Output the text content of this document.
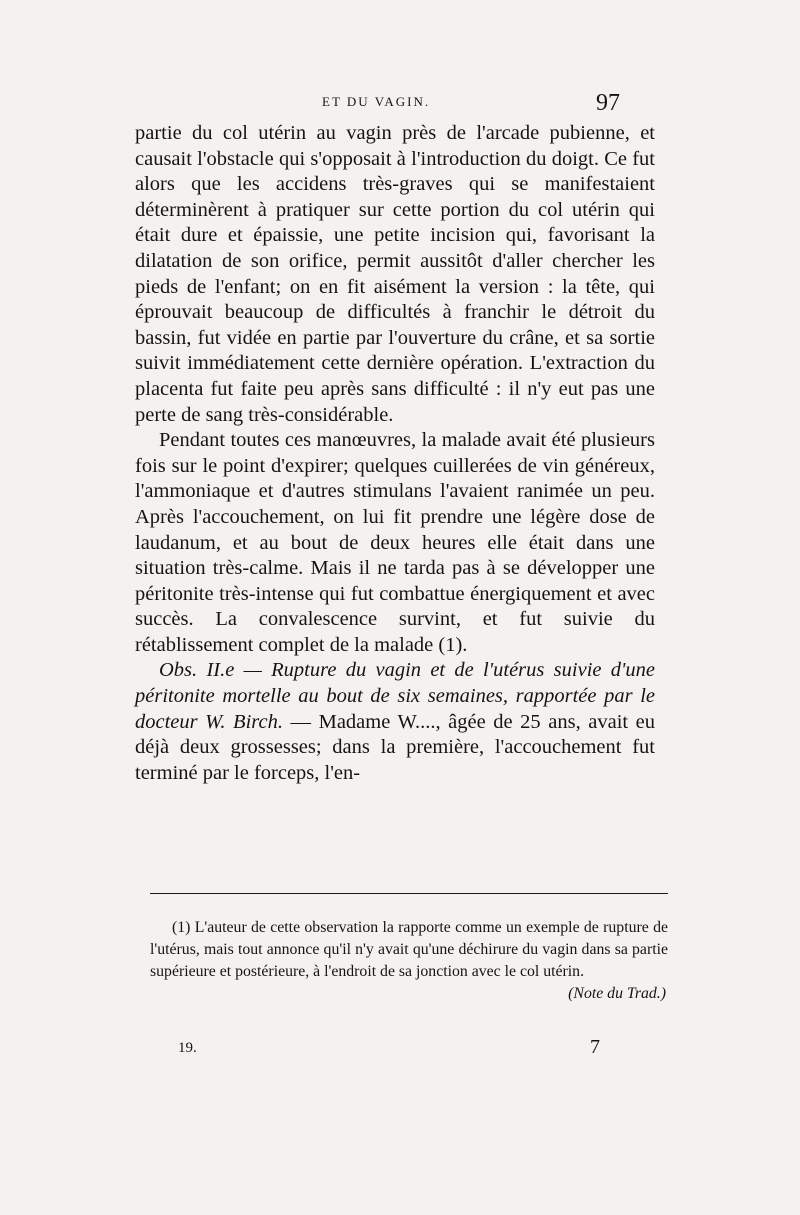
ET DU VAGIN.	97

partie du col utérin au vagin près de l'arcade pubienne, et causait l'obstacle qui s'opposait à l'introduction du doigt. Ce fut alors que les accidens très-graves qui se manifestaient déterminèrent à pratiquer sur cette portion du col utérin qui était dure et épaissie, une petite incision qui, favorisant la dilatation de son orifice, permit aussitôt d'aller chercher les pieds de l'enfant; on en fit aisément la version : la tête, qui éprouvait beaucoup de difficultés à franchir le détroit du bassin, fut vidée en partie par l'ouverture du crâne, et sa sortie suivit immédiatement cette dernière opération. L'extraction du placenta fut faite peu après sans difficulté : il n'y eut pas une perte de sang très-considérable.

Pendant toutes ces manœuvres, la malade avait été plusieurs fois sur le point d'expirer; quelques cuillerées de vin généreux, l'ammoniaque et d'autres stimulans l'avaient ranimée un peu. Après l'accouchement, on lui fit prendre une légère dose de laudanum, et au bout de deux heures elle était dans une situation très-calme. Mais il ne tarda pas à se développer une péritonite très-intense qui fut combattue énergiquement et avec succès. La convalescence survint, et fut suivie du rétablissement complet de la malade (1).

Obs. II.e — Rupture du vagin et de l'utérus suivie d'une péritonite mortelle au bout de six semaines, rapportée par le docteur W. Birch. — Madame W...., âgée de 25 ans, avait eu déjà deux grossesses; dans la première, l'accouchement fut terminé par le forceps, l'en-

(1) L'auteur de cette observation la rapporte comme un exemple de rupture de l'utérus, mais tout annonce qu'il n'y avait qu'une déchirure du vagin dans sa partie supérieure et postérieure, à l'endroit de sa jonction avec le col utérin.

(Note du Trad.)

19.	7
